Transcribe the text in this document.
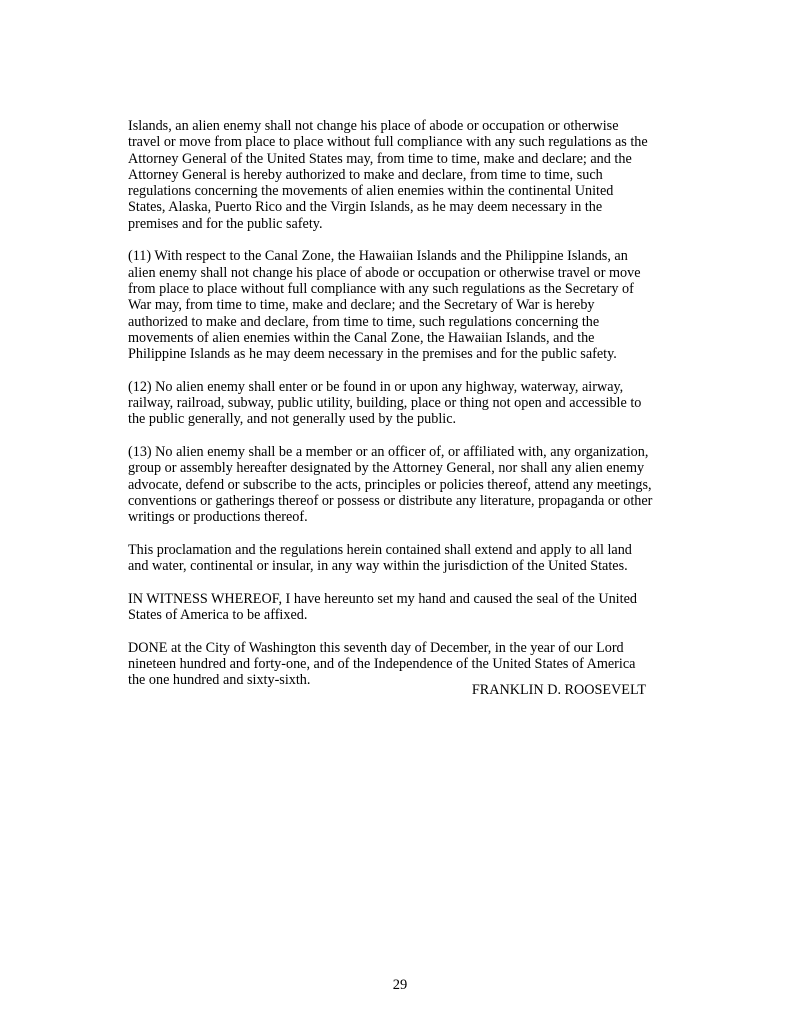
Islands, an alien enemy shall not change his place of abode or occupation or otherwise travel or move from place to place without full compliance with any such regulations as the Attorney General of the United States may, from time to time, make and declare; and the Attorney General is hereby authorized to make and declare, from time to time, such regulations concerning the movements of alien enemies within the continental United States, Alaska, Puerto Rico and the Virgin Islands, as he may deem necessary in the premises and for the public safety.

(11) With respect to the Canal Zone, the Hawaiian Islands and the Philippine Islands, an alien enemy shall not change his place of abode or occupation or otherwise travel or move from place to place without full compliance with any such regulations as the Secretary of War may, from time to time, make and declare; and the Secretary of War is hereby authorized to make and declare, from time to time, such regulations concerning the movements of alien enemies within the Canal Zone, the Hawaiian Islands, and the Philippine Islands as he may deem necessary in the premises and for the public safety.

(12) No alien enemy shall enter or be found in or upon any highway, waterway, airway, railway, railroad, subway, public utility, building, place or thing not open and accessible to the public generally, and not generally used by the public.

(13) No alien enemy shall be a member or an officer of, or affiliated with, any organization, group or assembly hereafter designated by the Attorney General, nor shall any alien enemy advocate, defend or subscribe to the acts, principles or policies thereof, attend any meetings, conventions or gatherings thereof or possess or distribute any literature, propaganda or other writings or productions thereof.

This proclamation and the regulations herein contained shall extend and apply to all land and water, continental or insular, in any way within the jurisdiction of the United States.

IN WITNESS WHEREOF, I have hereunto set my hand and caused the seal of the United States of America to be affixed.

DONE at the City of Washington this seventh day of December, in the year of our Lord nineteen hundred and forty-one, and of the Independence of the United States of America the one hundred and sixty-sixth.

FRANKLIN D. ROOSEVELT
29
